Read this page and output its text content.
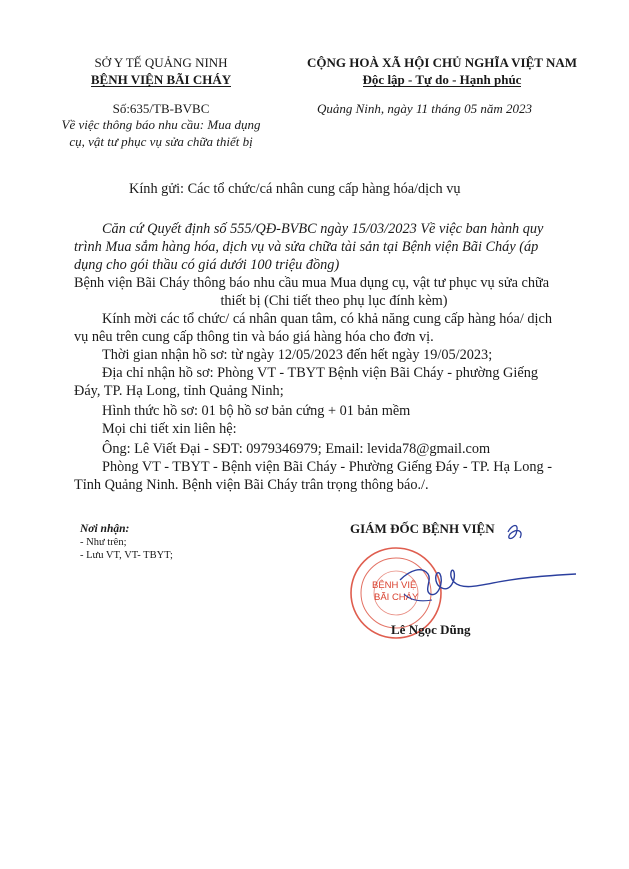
SỞ Y TẾ QUẢNG NINH
BỆNH VIỆN BÃI CHÁY
Số:635/TB-BVBC
Về việc thông báo nhu cầu: Mua dụng
cụ, vật tư phục vụ sửa chữa thiết bị
CỘNG HOÀ XÃ HỘI CHỦ NGHĨA VIỆT NAM
Độc lập - Tự do - Hạnh phúc
Quảng Ninh, ngày 11 tháng 05 năm 2023
Kính gửi: Các tổ chức/cá nhân cung cấp hàng hóa/dịch vụ
Căn cứ Quyết định số 555/QĐ-BVBC ngày 15/03/2023 Về việc ban hành quy
trình Mua sắm hàng hóa, dịch vụ và sửa chữa tài sản tại Bệnh viện Bãi Cháy (áp
dụng cho gói thầu có giá dưới 100 triệu đồng)
Bệnh viện Bãi Cháy thông báo nhu cầu mua Mua dụng cụ, vật tư phục vụ sửa chữa
thiết bị (Chi tiết theo phụ lục đính kèm)
Kính mời các tổ chức/ cá nhân quan tâm, có khả năng cung cấp hàng hóa/ dịch
vụ nêu trên cung cấp thông tin và báo giá hàng hóa cho đơn vị.
Thời gian nhận hồ sơ: từ ngày 12/05/2023 đến hết ngày 19/05/2023;
Địa chỉ nhận hồ sơ: Phòng VT - TBYT Bệnh viện Bãi Cháy - phường Giếng
Đáy, TP. Hạ Long, tỉnh Quảng Ninh;
Hình thức hồ sơ: 01 bộ hồ sơ bản cứng + 01 bản mềm
Mọi chi tiết xin liên hệ:
Ông: Lê Viết Đại - SĐT: 0979346979; Email: levida78@gmail.com
Phòng VT - TBYT - Bệnh viện Bãi Cháy - Phường Giếng Đáy - TP. Hạ Long -
Tỉnh Quảng Ninh. Bệnh viện Bãi Cháy trân trọng thông báo./.
Nơi nhận:
- Như trên;
- Lưu VT, VT- TBYT;
GIÁM ĐỐC BỆNH VIỆN
BỆNH VIỆ
BÃI CHÁY
Lê Ngọc Dũng
